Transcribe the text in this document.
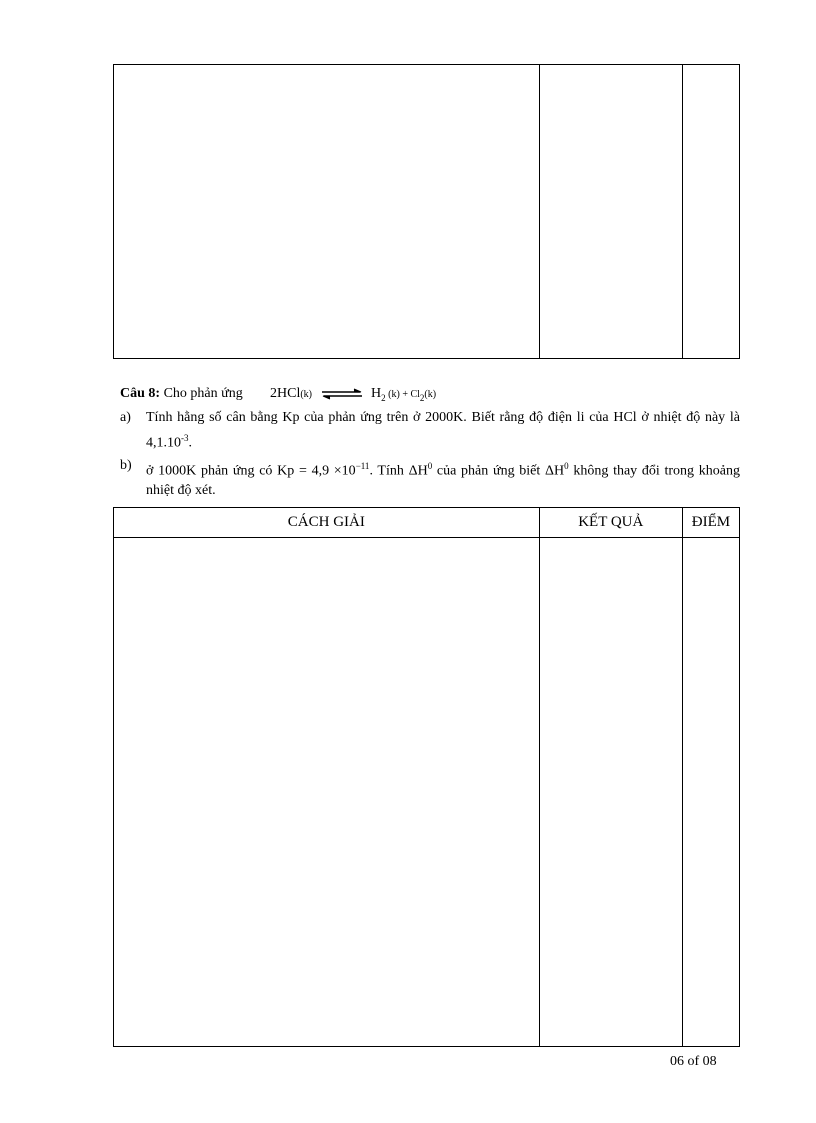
Câu 8: Cho phản ứng 2HCl(k) ⇌ $H_2$ $(k) + Cl_2(k)$
a)	Tính hằng số cân bằng Kp của phản ứng trên ở 2000K. Biết rằng độ điện li của HCl ở nhiệt độ này là $4,1.10^{-3}$.
b)	ở 1000K phản ứng có $Kp = 4,9 \times 10^{-11}$. Tính $\Delta H^0$ của phản ứng biết $\Delta H^0$ không thay đổi trong khoảng nhiệt độ xét.
CÁCH GIẢI	KẾT QUẢ	ĐIỂM

06 of 08
